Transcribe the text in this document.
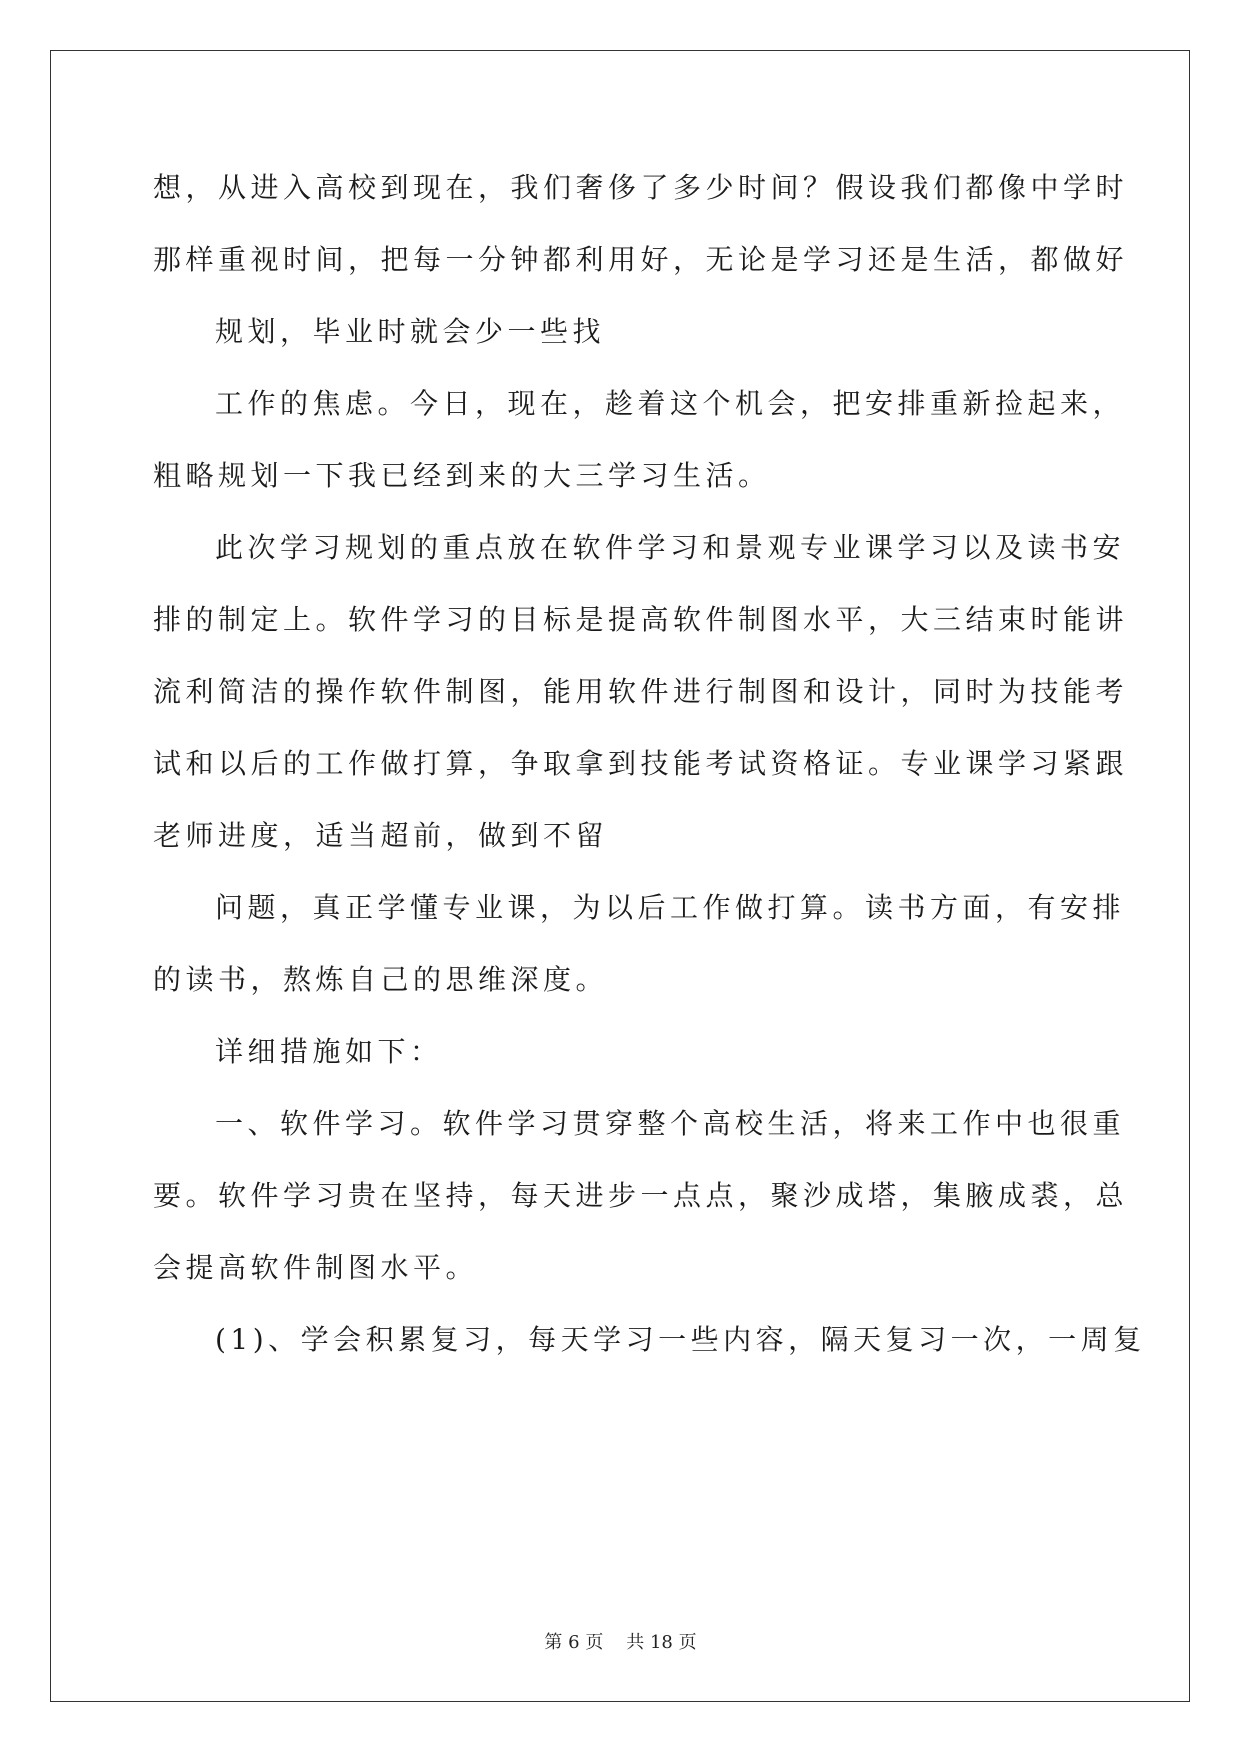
想，从进入高校到现在，我们奢侈了多少时间？假设我们都像中学时
那样重视时间，把每一分钟都利用好，无论是学习还是生活，都做好
规划，毕业时就会少一些找
工作的焦虑。今日，现在，趁着这个机会，把安排重新捡起来，
粗略规划一下我已经到来的大三学习生活。
此次学习规划的重点放在软件学习和景观专业课学习以及读书安
排的制定上。软件学习的目标是提高软件制图水平，大三结束时能讲
流利简洁的操作软件制图，能用软件进行制图和设计，同时为技能考
试和以后的工作做打算，争取拿到技能考试资格证。专业课学习紧跟
老师进度，适当超前，做到不留
问题，真正学懂专业课，为以后工作做打算。读书方面，有安排
的读书，熬炼自己的思维深度。
详细措施如下：
一、软件学习。软件学习贯穿整个高校生活，将来工作中也很重
要。软件学习贵在坚持，每天进步一点点，聚沙成塔，集腋成裘，总
会提高软件制图水平。
(1)、学会积累复习，每天学习一些内容，隔天复习一次，一周复
第 6 页 共 18 页
